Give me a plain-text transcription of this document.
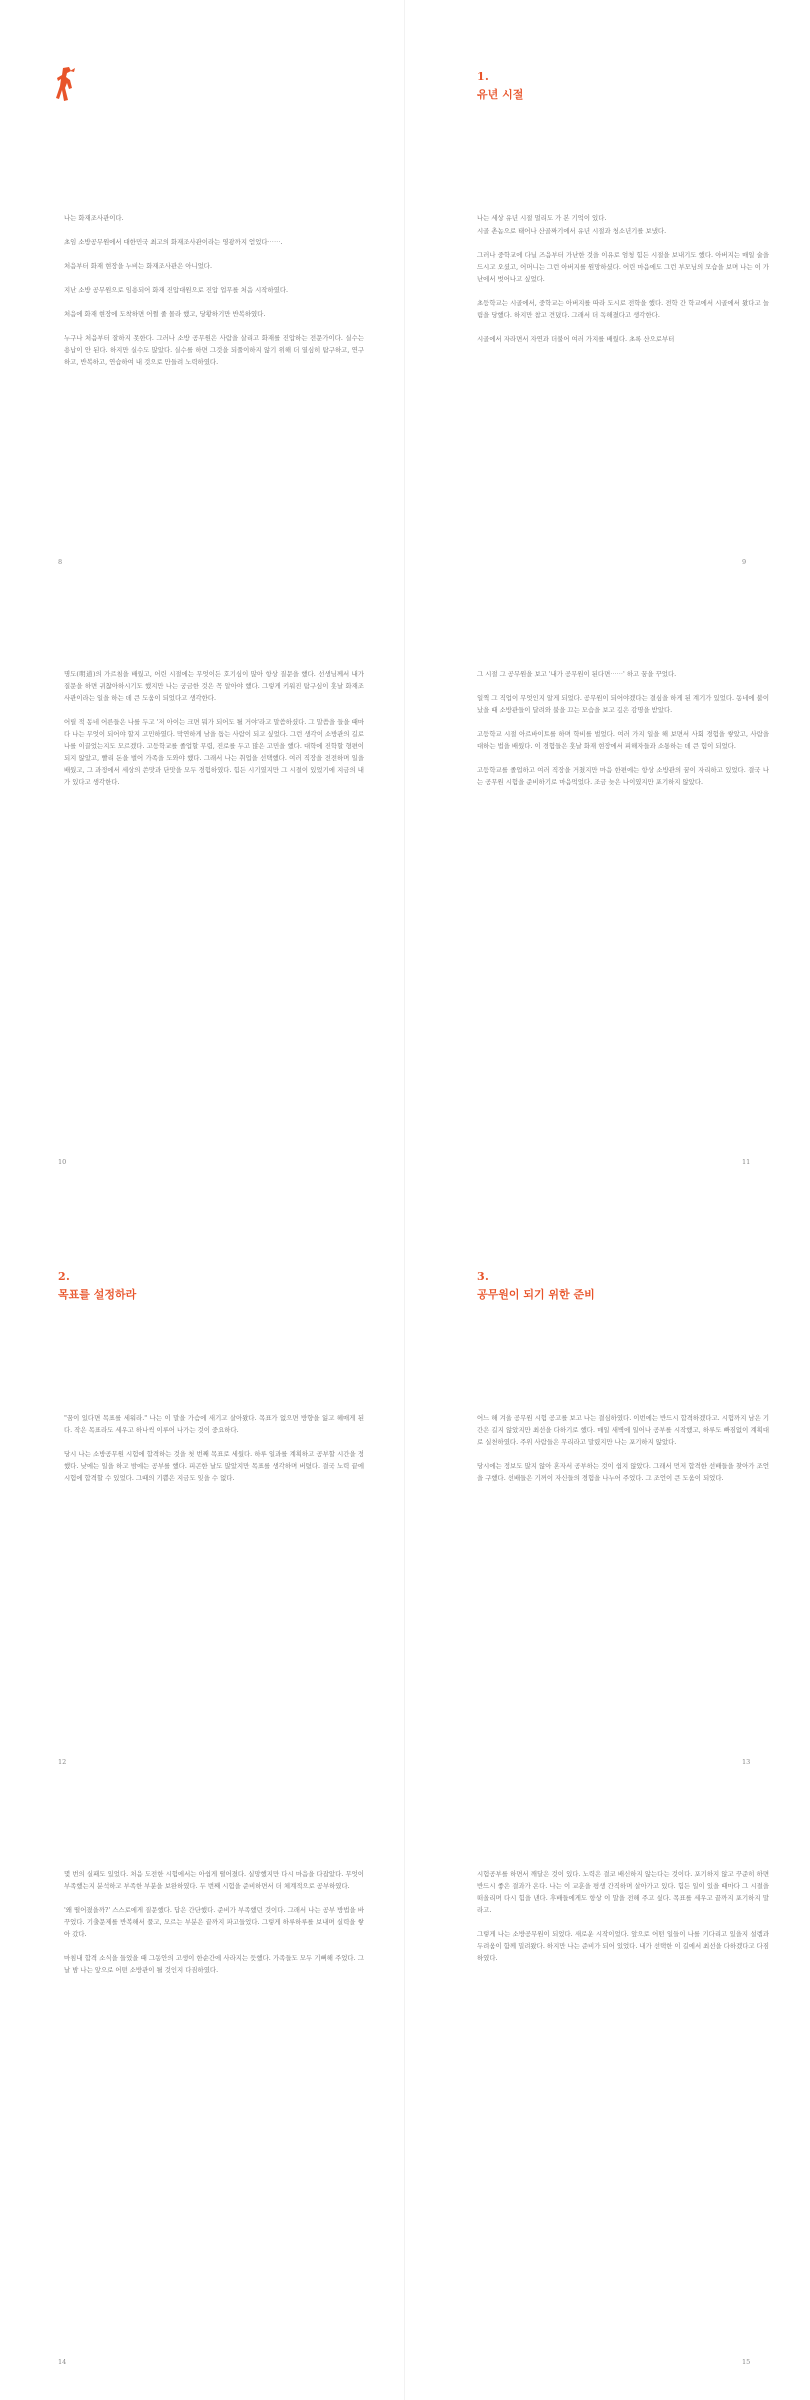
나는 화재조사관이다.

초임 소방공무원에서 대한민국 최고의 화재조사관이라는 영광까지 얻었다⋯⋯.

처음부터 화재 현장을 누비는 화재조사관은 아니었다.

지난 소방 공무원으로 임용되어 화재 진압대원으로 진압 업무를 처음 시작하였다.

처음에 화재 현장에 도착하면 어쩔 줄 몰라 했고, 당황하기만 반복하였다.

누구나 처음부터 잘하지 못한다. 그러나 소방 공무원은 사람을 살리고 화재를 진압하는 전문가이다. 실수는 용납이 안 된다. 하지만 실수도 많았다. 실수를 하면 그것을 되풀이하지 않기 위해 더 열심히 탐구하고, 연구하고, 반복하고, 연습하여 내 것으로 만들려 노력하였다.

8
1.
유년 시절

나는 세상 유년 시절 멀리도 가 본 기억이 있다.

시골 촌놈으로 태어나 산골짜기에서 유년 시절과 청소년기를 보냈다.

그러나 중학교에 다닐 즈음부터 가난한 것을 이유로 엄청 힘든 시절을 보내기도 했다. 아버지는 매일 술을 드시고 오셨고, 어머니는 그런 아버지를 원망하셨다. 어린 마음에도 그런 부모님의 모습을 보며 나는 이 가난에서 벗어나고 싶었다.

초등학교는 시골에서, 중학교는 아버지를 따라 도시로 전학을 했다. 전학 간 학교에서 시골에서 왔다고 놀림을 당했다. 하지만 참고 견뎠다. 그래서 더 독해졌다고 생각한다.

시골에서 자라면서 자연과 더불어 여러 가지를 배웠다. 초록 산으로부터

9

명도(明道)의 가르침을 배웠고, 어린 시절에는 무엇이든 호기심이 많아 항상 질문을 했다. 선생님께서 내가 질문을 하면 귀찮아하시기도 했지만 나는 궁금한 것은 꼭 알아야 했다. 그렇게 키워진 탐구심이 훗날 화재조사관이라는 일을 하는 데 큰 도움이 되었다고 생각한다.

어릴 적 동네 어른들은 나를 두고 '저 아이는 크면 뭐가 되어도 될 거야'라고 말씀하셨다. 그 말씀을 들을 때마다 나는 무엇이 되어야 할지 고민하였다. 막연하게 남을 돕는 사람이 되고 싶었다. 그런 생각이 소방관의 길로 나를 이끌었는지도 모르겠다. 고등학교를 졸업할 무렵, 진로를 두고 많은 고민을 했다. 대학에 진학할 형편이 되지 않았고, 빨리 돈을 벌어 가족을 도와야 했다. 그래서 나는 취업을 선택했다. 여러 직장을 전전하며 일을 배웠고, 그 과정에서 세상의 쓴맛과 단맛을 모두 경험하였다. 힘든 시기였지만 그 시절이 있었기에 지금의 내가 있다고 생각한다.

10

그 시절 그 공무원을 보고 '내가 공무원이 된다면⋯⋯' 하고 꿈을 꾸었다.

일찍 그 직업이 무엇인지 알게 되었다. 공무원이 되어야겠다는 결심을 하게 된 계기가 있었다. 동네에 불이 났을 때 소방관들이 달려와 불을 끄는 모습을 보고 깊은 감명을 받았다.

고등학교 시절 아르바이트를 하며 학비를 벌었다. 여러 가지 일을 해 보면서 사회 경험을 쌓았고, 사람을 대하는 법을 배웠다. 이 경험들은 훗날 화재 현장에서 피해자들과 소통하는 데 큰 힘이 되었다.

고등학교를 졸업하고 여러 직장을 거쳤지만 마음 한편에는 항상 소방관의 꿈이 자리하고 있었다. 결국 나는 공무원 시험을 준비하기로 마음먹었다. 조금 늦은 나이였지만 포기하지 않았다.

11
2.
목표를 설정하라

"꿈이 있다면 목표를 세워라." 나는 이 말을 가슴에 새기고 살아왔다. 목표가 없으면 방향을 잃고 헤매게 된다. 작은 목표라도 세우고 하나씩 이루어 나가는 것이 중요하다.

당시 나는 소방공무원 시험에 합격하는 것을 첫 번째 목표로 세웠다. 하루 일과를 계획하고 공부할 시간을 정했다. 낮에는 일을 하고 밤에는 공부를 했다. 피곤한 날도 많았지만 목표를 생각하며 버텼다. 결국 노력 끝에 시험에 합격할 수 있었다. 그때의 기쁨은 지금도 잊을 수 없다.

12
3.
공무원이 되기 위한 준비

어느 해 겨울 공무원 시험 공고를 보고 나는 결심하였다. 이번에는 반드시 합격하겠다고. 시험까지 남은 기간은 길지 않았지만 최선을 다하기로 했다. 매일 새벽에 일어나 공부를 시작했고, 하루도 빠짐없이 계획대로 실천하였다. 주위 사람들은 무리라고 말렸지만 나는 포기하지 않았다.

당시에는 정보도 많지 않아 혼자서 공부하는 것이 쉽지 않았다. 그래서 먼저 합격한 선배들을 찾아가 조언을 구했다. 선배들은 기꺼이 자신들의 경험을 나누어 주었다. 그 조언이 큰 도움이 되었다.

13

몇 번의 실패도 있었다. 처음 도전한 시험에서는 아쉽게 떨어졌다. 실망했지만 다시 마음을 다잡았다. 무엇이 부족했는지 분석하고 부족한 부분을 보완하였다. 두 번째 시험을 준비하면서 더 체계적으로 공부하였다.

'왜 떨어졌을까?' 스스로에게 질문했다. 답은 간단했다. 준비가 부족했던 것이다. 그래서 나는 공부 방법을 바꾸었다. 기출문제를 반복해서 풀고, 모르는 부분은 끝까지 파고들었다. 그렇게 하루하루를 보내며 실력을 쌓아 갔다.

마침내 합격 소식을 들었을 때 그동안의 고생이 한순간에 사라지는 듯했다. 가족들도 모두 기뻐해 주었다. 그날 밤 나는 앞으로 어떤 소방관이 될 것인지 다짐하였다.

14

시험공부를 하면서 깨달은 것이 있다. 노력은 결코 배신하지 않는다는 것이다. 포기하지 않고 꾸준히 하면 반드시 좋은 결과가 온다. 나는 이 교훈을 평생 간직하며 살아가고 있다. 힘든 일이 있을 때마다 그 시절을 떠올리며 다시 힘을 낸다. 후배들에게도 항상 이 말을 전해 주고 싶다. 목표를 세우고 끝까지 포기하지 말라고.

그렇게 나는 소방공무원이 되었다. 새로운 시작이었다. 앞으로 어떤 일들이 나를 기다리고 있을지 설렘과 두려움이 함께 밀려왔다. 하지만 나는 준비가 되어 있었다. 내가 선택한 이 길에서 최선을 다하겠다고 다짐하였다.

15
